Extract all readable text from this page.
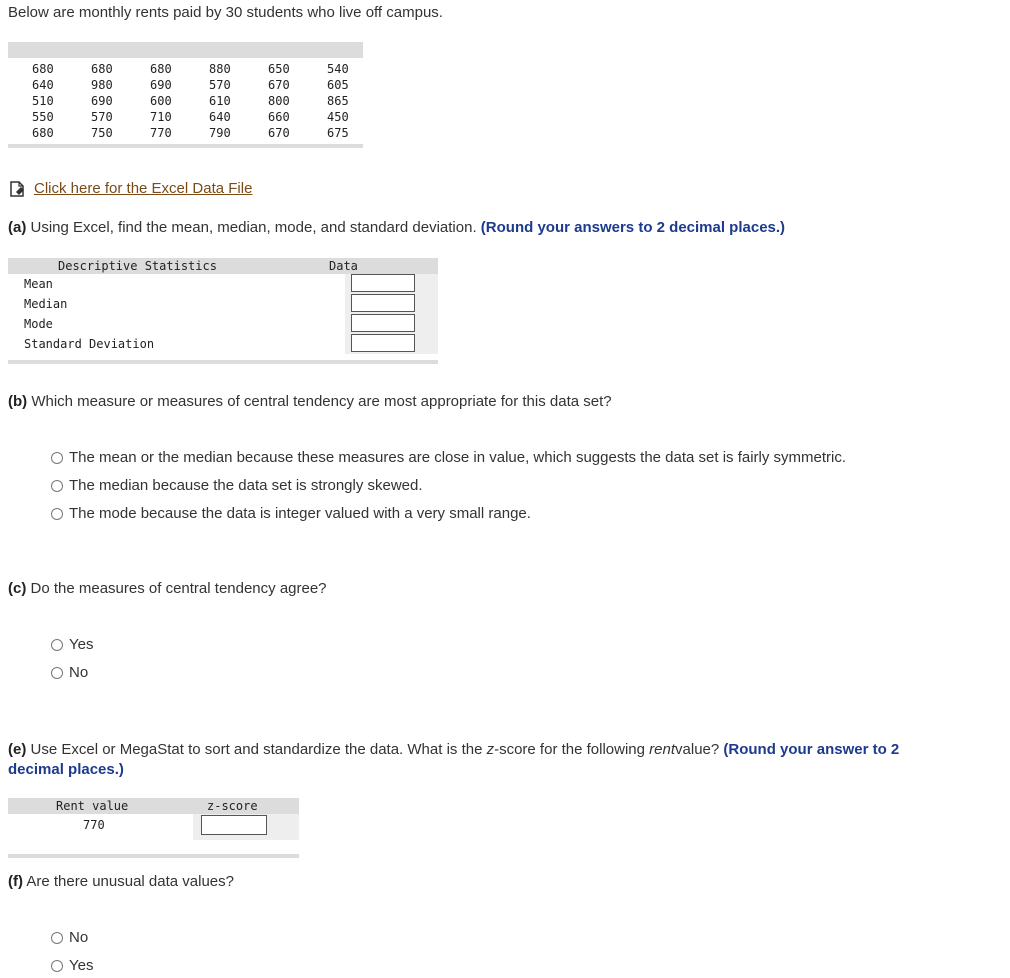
Below are monthly rents paid by 30 students who live off campus.
680	680	680	880	650	540
640	980	690	570	670	605
510	690	600	610	800	865
550	570	710	640	660	450
680	750	770	790	670	675
Click here for the Excel Data File
(a) Using Excel, find the mean, median, mode, and standard deviation. (Round your answers to 2 decimal places.)
Descriptive Statistics	Data
Mean
Median
Mode
Standard Deviation
(b) Which measure or measures of central tendency are most appropriate for this data set?
The mean or the median because these measures are close in value, which suggests the data set is fairly symmetric.
The median because the data set is strongly skewed.
The mode because the data is integer valued with a very small range.
(c) Do the measures of central tendency agree?
Yes
No
(e) Use Excel or MegaStat to sort and standardize the data. What is the z-score for the following rentvalue? (Round your answer to 2
decimal places.)
Rent value	z-score
770
(f) Are there unusual data values?
No
Yes
